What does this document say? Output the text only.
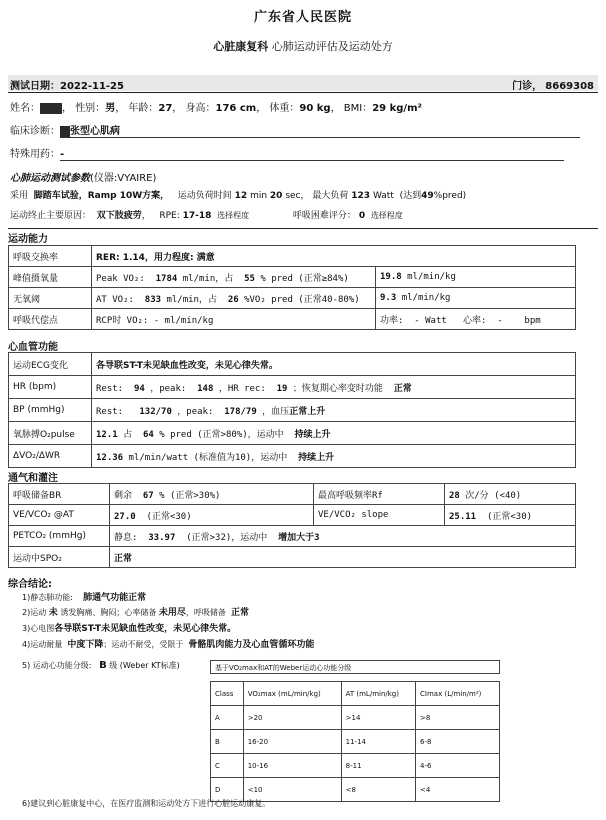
广东省人民医院
心脏康复科 心肺运动评估及运动处方
测试日期：2022-11-25	门诊， 8669308
姓名： ， 性别：男， 年龄：27， 身高：176 cm， 体重：90 kg， BMI：29 kg/m²
临床诊断： 张型心肌病
特殊用药：-
心肺运动测试参数(仪器:VYAIRE)
采用 脚踏车试验，Ramp 10W方案， 运动负荷时间 12 min 20 sec， 最大负荷 123 Watt (达到49%pred)
运动终止主要原因： 双下肢疲劳，   RPE: 17-18 选择程度	呼吸困难评分： 0 选择程度
运动能力
呼吸交换率	RER: 1.14，用力程度: 满意	
峰值摄氧量	Peak VO₂: 1784 ml/min，占 55 % pred (正常≥84%)	19.8 ml/min/kg
无氧阈	AT VO₂: 833 ml/min，占 26 %VO₂ pred (正常40-80%)	9.3 ml/min/kg
呼吸代偿点	RCP时 VO₂: - ml/min/kg	功率: - Watt 心率: - bpm
心血管功能
运动ECG变化	各导联ST-T未见缺血性改变，未见心律失常。
HR (bpm)	Rest: 94 ，peak: 148 ，HR rec: 19 ；恢复期心率变时功能 正常
BP (mmHg)	Rest: 132/70 ，peak: 178/79 ，血压正常上升
氧脉搏O₂pulse	12.1 占 64 % pred (正常>80%)，运动中 持续上升
ΔVO₂/ΔWR	12.36 ml/min/watt (标准值为10)，运动中 持续上升
通气和灌注
呼吸储备BR	剩余 67 % (正常>30%)	最高呼吸频率Rf	28 次/分 (<40)
VE/VCO₂ @AT	27.0 (正常<30)	VE/VCO₂ slope	25.11 (正常<30)
PETCO₂ (mmHg)	静息: 33.97 (正常>32)，运动中 增加大于3		
运动中SPO₂	正常		
综合结论:
1)静态肺功能: 肺通气功能正常
2)运动 未 诱发胸痛、胸闷；心率储备 未用尽，呼吸储备 正常
3)心电图各导联ST-T未见缺血性改变，未见心律失常。
4)运动耐量 中度下降；运动不耐受，受限于 骨骼肌肉能力及心血管循环功能
5) 运动心功能分级: B 级 (Weber KT标准)	基于VO₂max和AT的Weber运动心功能分级
Class	VO₂max (mL/min/kg)	AT (mL/min/kg)	CImax (L/min/m²)
A	>20	>14	>8
B	16-20	11-14	6-8
C	10-16	8-11	4-6
D	<10	<8	<4
6)建议到心脏康复中心，在医疗监测和运动处方下进行心脏运动康复。
